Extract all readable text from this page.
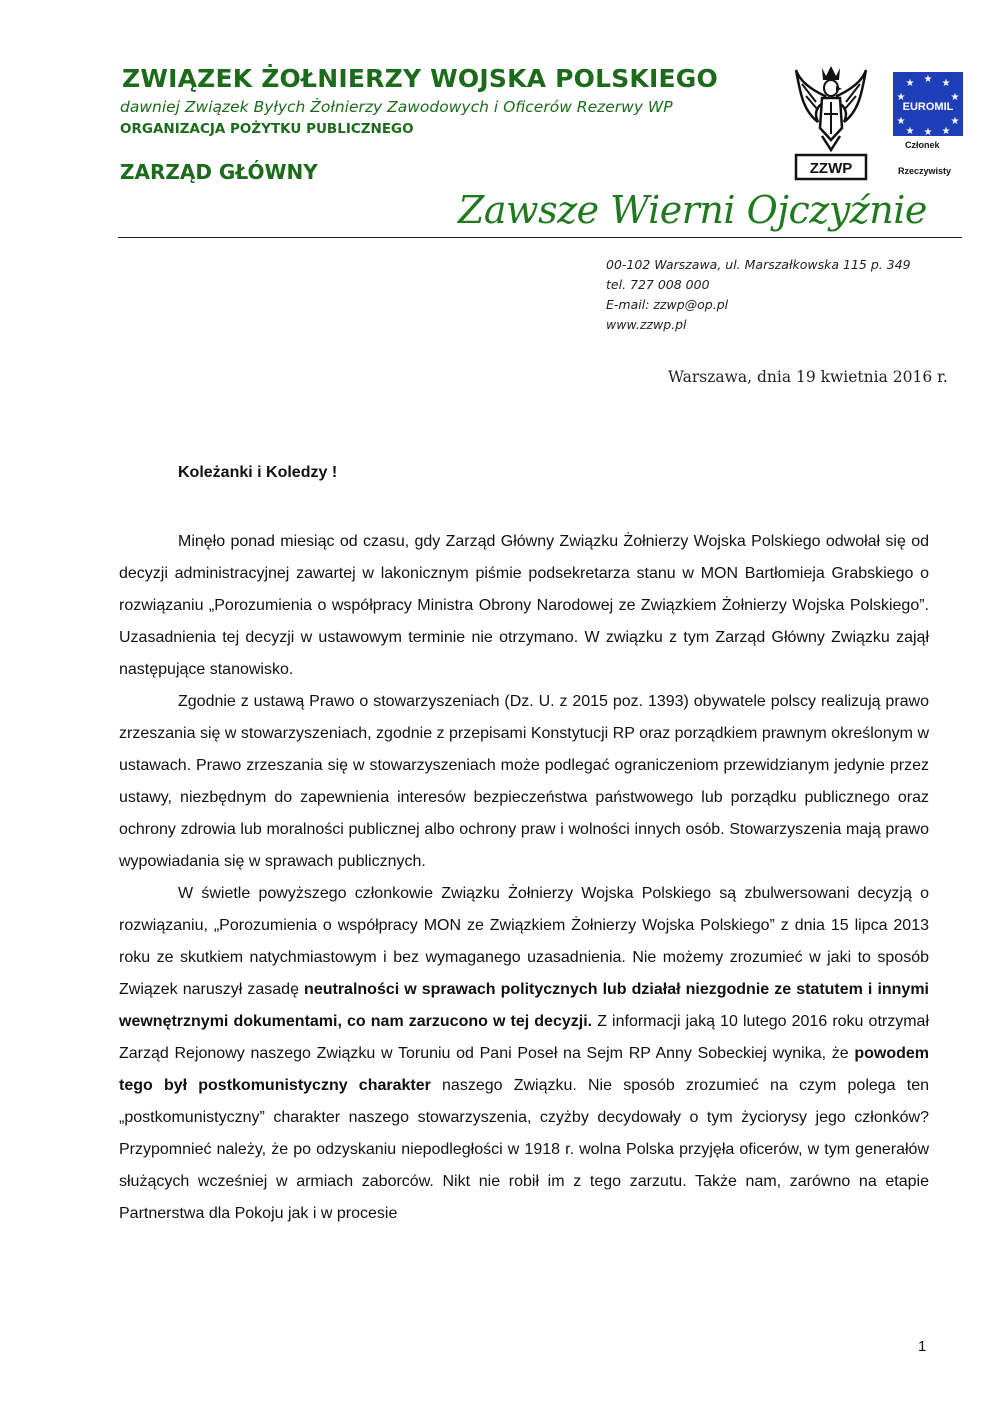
ZWIĄZEK ŻOŁNIERZY WOJSKA POLSKIEGO
dawniej Związek Byłych Żołnierzy Zawodowych i Oficerów Rezerwy WP
ORGANIZACJA POŻYTKU PUBLICZNEGO
ZARZĄD GŁÓWNY
Zawsze Wierni Ojczyźnie
ZZWP
★ ★ ★
★	★
★	★
★ ★ ★
EUROMIL
Członek
Rzeczywisty
00-102 Warszawa, ul. Marszałkowska 115 p. 349
tel. 727 008 000
E-mail: zzwp@op.pl
www.zzwp.pl
Warszawa, dnia 19 kwietnia 2016 r.
Koleżanki i Koledzy !

Minęło ponad miesiąc od czasu, gdy Zarząd Główny Związku Żołnierzy Wojska Polskiego odwołał się od decyzji administracyjnej zawartej w lakonicznym piśmie podsekretarza stanu w MON Bartłomieja Grabskiego o rozwiązaniu „Porozumienia o współpracy Ministra Obrony Narodowej ze Związkiem Żołnierzy Wojska Polskiego”. Uzasadnienia tej decyzji w ustawowym terminie nie otrzymano. W związku z tym Zarząd Główny Związku zajął następujące stanowisko.

Zgodnie z ustawą Prawo o stowarzyszeniach (Dz. U. z 2015 poz. 1393) obywatele polscy realizują prawo zrzeszania się w stowarzyszeniach, zgodnie z przepisami Konstytucji RP oraz porządkiem prawnym określonym w ustawach. Prawo zrzeszania się w stowarzyszeniach może podlegać ograniczeniom przewidzianym jedynie przez ustawy, niezbędnym do zapewnienia interesów bezpieczeństwa państwowego lub porządku publicznego oraz ochrony zdrowia lub moralności publicznej albo ochrony praw i wolności innych osób. Stowarzyszenia mają prawo wypowiadania się w sprawach publicznych.

W świetle powyższego członkowie Związku Żołnierzy Wojska Polskiego są zbulwersowani decyzją o rozwiązaniu, „Porozumienia o współpracy MON ze Związkiem Żołnierzy Wojska Polskiego” z dnia 15 lipca 2013 roku ze skutkiem natychmiastowym i bez wymaganego uzasadnienia. Nie możemy zrozumieć w jaki to sposób Związek naruszył zasadę neutralności w sprawach politycznych lub działał niezgodnie ze statutem i innymi wewnętrznymi dokumentami, co nam zarzucono w tej decyzji. Z informacji jaką 10 lutego 2016 roku otrzymał Zarząd Rejonowy naszego Związku w Toruniu od Pani Poseł na Sejm RP Anny Sobeckiej wynika, że powodem tego był postkomunistyczny charakter naszego Związku. Nie sposób zrozumieć na czym polega ten „postkomunistyczny” charakter naszego stowarzyszenia, czyżby decydowały o tym życiorysy jego członków? Przypomnieć należy, że po odzyskaniu niepodległości w 1918 r. wolna Polska przyjęła oficerów, w tym generałów służących wcześniej w armiach zaborców. Nikt nie robił im z tego zarzutu. Także nam, zarówno na etapie Partnerstwa dla Pokoju jak i w procesie

1
